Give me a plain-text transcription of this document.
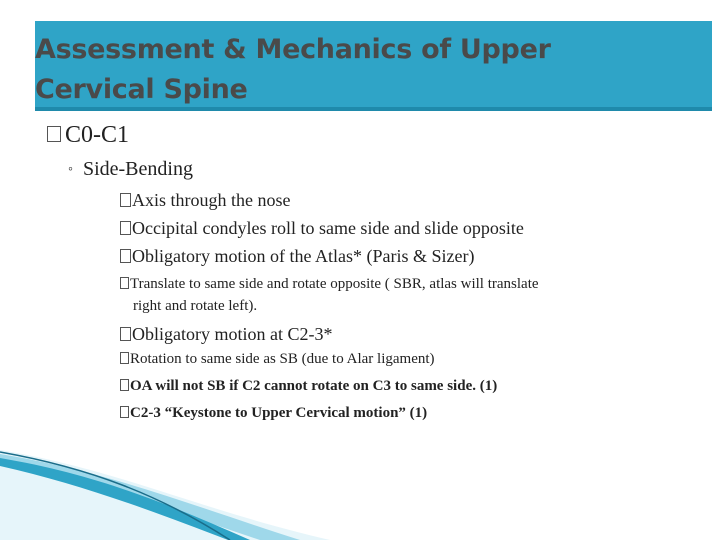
Assessment & Mechanics of Upper
Cervical Spine
C0-C1
◦ Side-Bending
Axis through the nose
Occipital condyles roll to same side and slide opposite
Obligatory motion of the Atlas* (Paris & Sizer)
Translate to same side and rotate opposite ( SBR, atlas will translate
right and rotate left).
Obligatory motion at C2-3*
Rotation to same side as SB (due to Alar ligament)
OA will not SB if C2 cannot rotate on C3 to same side. (1)
C2-3 “Keystone to Upper Cervical motion” (1)
